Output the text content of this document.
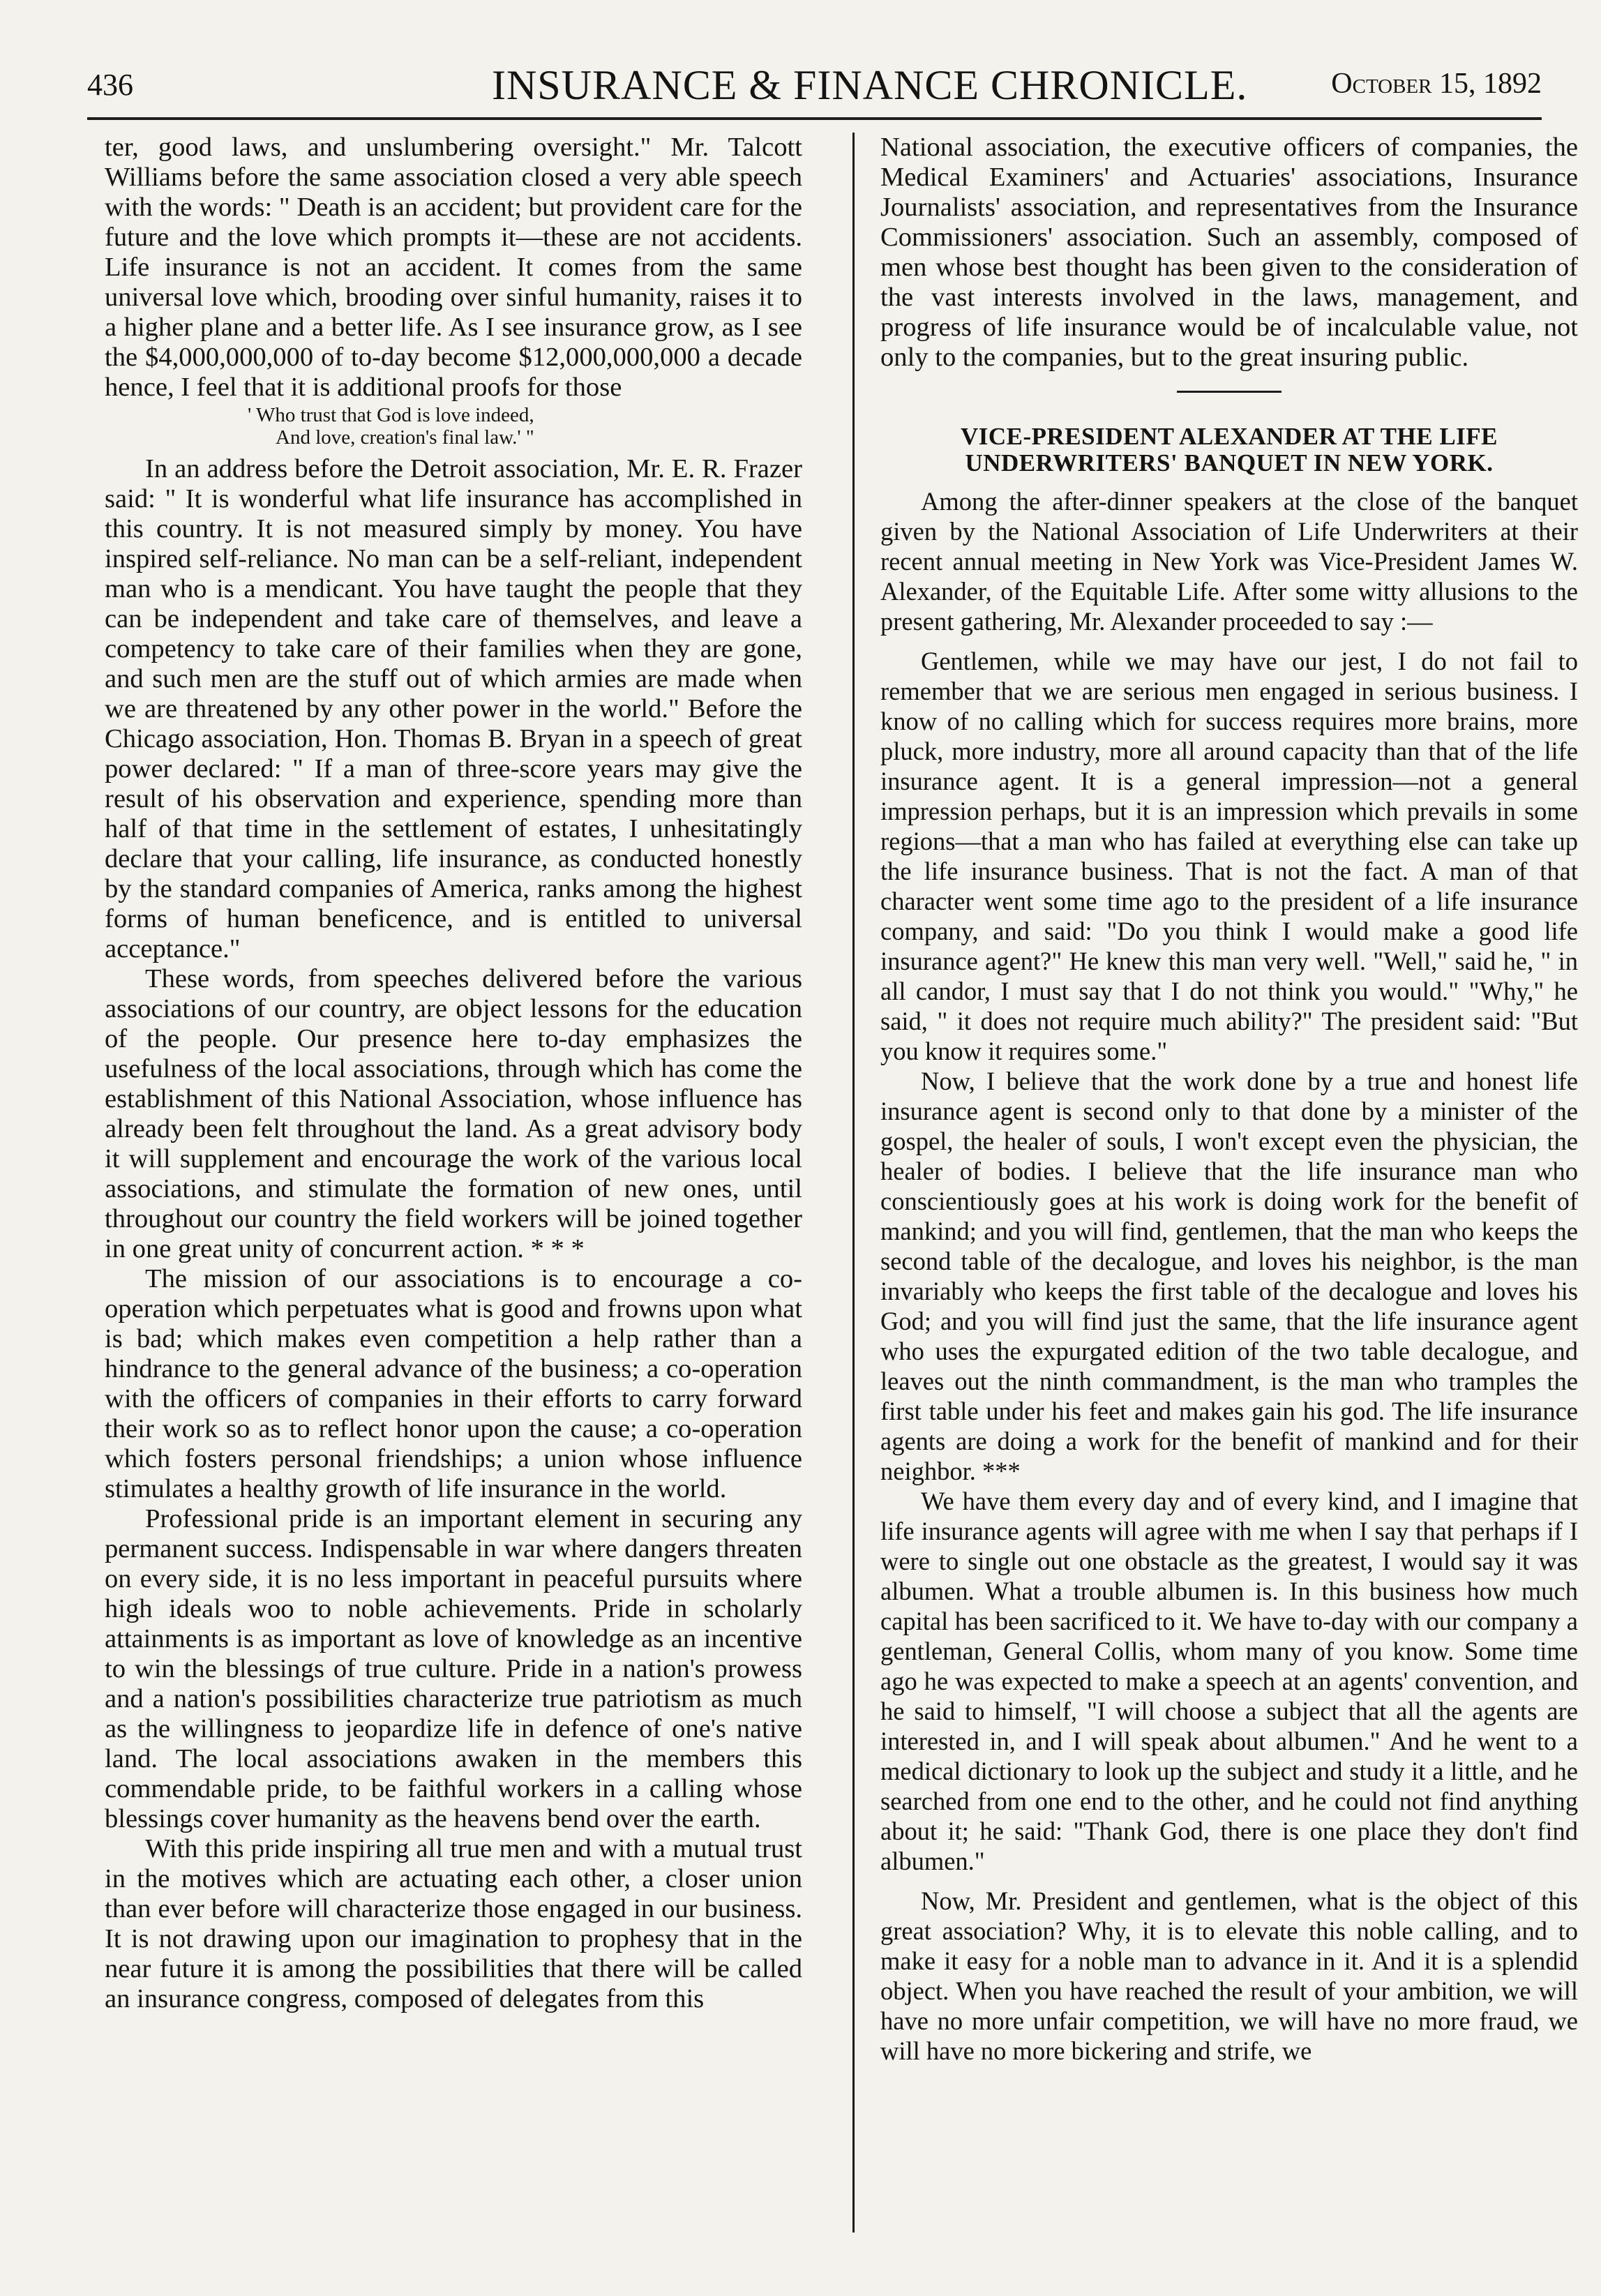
436	INSURANCE & FINANCE CHRONICLE.	October 15, 1892

ter, good laws, and unslumbering oversight." Mr. Talcott Williams before the same association closed a very able speech with the words: " Death is an accident; but provident care for the future and the love which prompts it—these are not accidents. Life insurance is not an accident. It comes from the same universal love which, brooding over sinful humanity, raises it to a higher plane and a better life. As I see insurance grow, as I see the $4,000,000,000 of to-day become $12,000,000,000 a decade hence, I feel that it is additional proofs for those

' Who trust that God is love indeed,
And love, creation's final law.' "

In an address before the Detroit association, Mr. E. R. Frazer said: " It is wonderful what life insurance has accomplished in this country. It is not measured simply by money. You have inspired self-reliance. No man can be a self-reliant, independent man who is a mendicant. You have taught the people that they can be independent and take care of themselves, and leave a competency to take care of their families when they are gone, and such men are the stuff out of which armies are made when we are threatened by any other power in the world." Before the Chicago association, Hon. Thomas B. Bryan in a speech of great power declared: " If a man of three-score years may give the result of his observation and experience, spending more than half of that time in the settlement of estates, I unhesitatingly declare that your calling, life insurance, as conducted honestly by the standard companies of America, ranks among the highest forms of human beneficence, and is entitled to universal acceptance."

These words, from speeches delivered before the various associations of our country, are object lessons for the education of the people. Our presence here to-day emphasizes the usefulness of the local associations, through which has come the establishment of this National Association, whose influence has already been felt throughout the land. As a great advisory body it will supplement and encourage the work of the various local associations, and stimulate the formation of new ones, until throughout our country the field workers will be joined together in one great unity of concurrent action. * * *

The mission of our associations is to encourage a co-operation which perpetuates what is good and frowns upon what is bad; which makes even competition a help rather than a hindrance to the general advance of the business; a co-operation with the officers of companies in their efforts to carry forward their work so as to reflect honor upon the cause; a co-operation which fosters personal friendships; a union whose influence stimulates a healthy growth of life insurance in the world.

Professional pride is an important element in securing any permanent success. Indispensable in war where dangers threaten on every side, it is no less important in peaceful pursuits where high ideals woo to noble achievements. Pride in scholarly attainments is as important as love of knowledge as an incentive to win the blessings of true culture. Pride in a nation's prowess and a nation's possibilities characterize true patriotism as much as the willingness to jeopardize life in defence of one's native land. The local associations awaken in the members this commendable pride, to be faithful workers in a calling whose blessings cover humanity as the heavens bend over the earth.

With this pride inspiring all true men and with a mutual trust in the motives which are actuating each other, a closer union than ever before will characterize those engaged in our business. It is not drawing upon our imagination to prophesy that in the near future it is among the possibilities that there will be called an insurance congress, composed of delegates from this

National association, the executive officers of companies, the Medical Examiners' and Actuaries' associations, Insurance Journalists' association, and representatives from the Insurance Commissioners' association. Such an assembly, composed of men whose best thought has been given to the consideration of the vast interests involved in the laws, management, and progress of life insurance would be of incalculable value, not only to the companies, but to the great insuring public.

VICE-PRESIDENT ALEXANDER AT THE LIFE UNDERWRITERS' BANQUET IN NEW YORK.

Among the after-dinner speakers at the close of the banquet given by the National Association of Life Underwriters at their recent annual meeting in New York was Vice-President James W. Alexander, of the Equitable Life. After some witty allusions to the present gathering, Mr. Alexander proceeded to say :—

Gentlemen, while we may have our jest, I do not fail to remember that we are serious men engaged in serious business. I know of no calling which for success requires more brains, more pluck, more industry, more all around capacity than that of the life insurance agent. It is a general impression—not a general impression perhaps, but it is an impression which prevails in some regions—that a man who has failed at everything else can take up the life insurance business. That is not the fact. A man of that character went some time ago to the president of a life insurance company, and said: "Do you think I would make a good life insurance agent?" He knew this man very well. "Well," said he, " in all candor, I must say that I do not think you would." "Why," he said, " it does not require much ability?" The president said: "But you know it requires some."

Now, I believe that the work done by a true and honest life insurance agent is second only to that done by a minister of the gospel, the healer of souls, I won't except even the physician, the healer of bodies. I believe that the life insurance man who conscientiously goes at his work is doing work for the benefit of mankind; and you will find, gentlemen, that the man who keeps the second table of the decalogue, and loves his neighbor, is the man invariably who keeps the first table of the decalogue and loves his God; and you will find just the same, that the life insurance agent who uses the expurgated edition of the two table decalogue, and leaves out the ninth commandment, is the man who tramples the first table under his feet and makes gain his god. The life insurance agents are doing a work for the benefit of mankind and for their neighbor. ***

We have them every day and of every kind, and I imagine that life insurance agents will agree with me when I say that perhaps if I were to single out one obstacle as the greatest, I would say it was albumen. What a trouble albumen is. In this business how much capital has been sacrificed to it. We have to-day with our company a gentleman, General Collis, whom many of you know. Some time ago he was expected to make a speech at an agents' convention, and he said to himself, "I will choose a subject that all the agents are interested in, and I will speak about albumen." And he went to a medical dictionary to look up the subject and study it a little, and he searched from one end to the other, and he could not find anything about it; he said: "Thank God, there is one place they don't find albumen."

Now, Mr. President and gentlemen, what is the object of this great association? Why, it is to elevate this noble calling, and to make it easy for a noble man to advance in it. And it is a splendid object. When you have reached the result of your ambition, we will have no more unfair competition, we will have no more fraud, we will have no more bickering and strife, we
